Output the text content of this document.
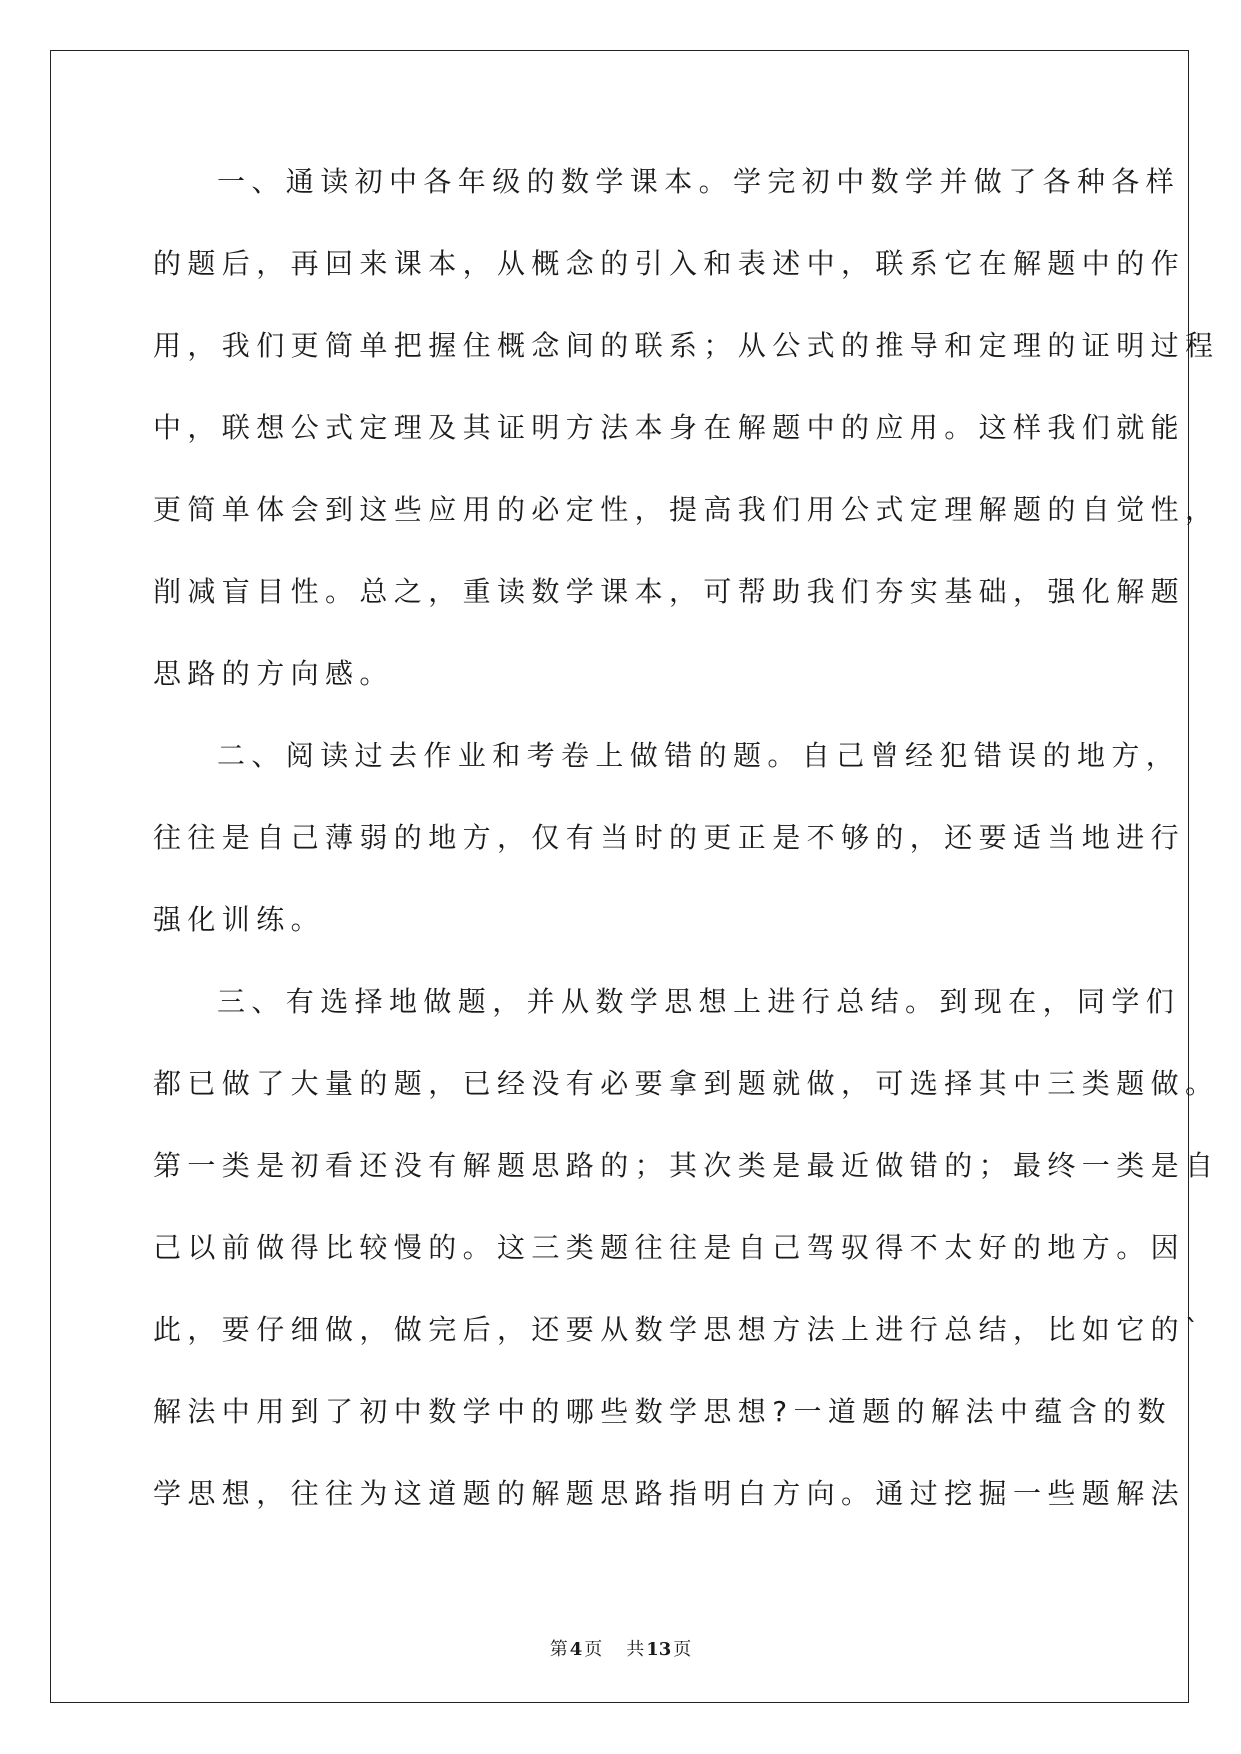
一、通读初中各年级的数学课本。学完初中数学并做了各种各样
的题后，再回来课本，从概念的引入和表述中，联系它在解题中的作
用，我们更简单把握住概念间的联系；从公式的推导和定理的证明过程
中，联想公式定理及其证明方法本身在解题中的应用。这样我们就能
更简单体会到这些应用的必定性，提高我们用公式定理解题的自觉性，
削减盲目性。总之，重读数学课本，可帮助我们夯实基础，强化解题
思路的方向感。
二、阅读过去作业和考卷上做错的题。自己曾经犯错误的地方，
往往是自己薄弱的地方，仅有当时的更正是不够的，还要适当地进行
强化训练。
三、有选择地做题，并从数学思想上进行总结。到现在，同学们
都已做了大量的题，已经没有必要拿到题就做，可选择其中三类题做。
第一类是初看还没有解题思路的；其次类是最近做错的；最终一类是自
己以前做得比较慢的。这三类题往往是自己驾驭得不太好的地方。因
此，要仔细做，做完后，还要从数学思想方法上进行总结，比如它的`
解法中用到了初中数学中的哪些数学思想?一道题的解法中蕴含的数
学思想，往往为这道题的解题思路指明白方向。通过挖掘一些题解法
第 4 页 共 13 页
